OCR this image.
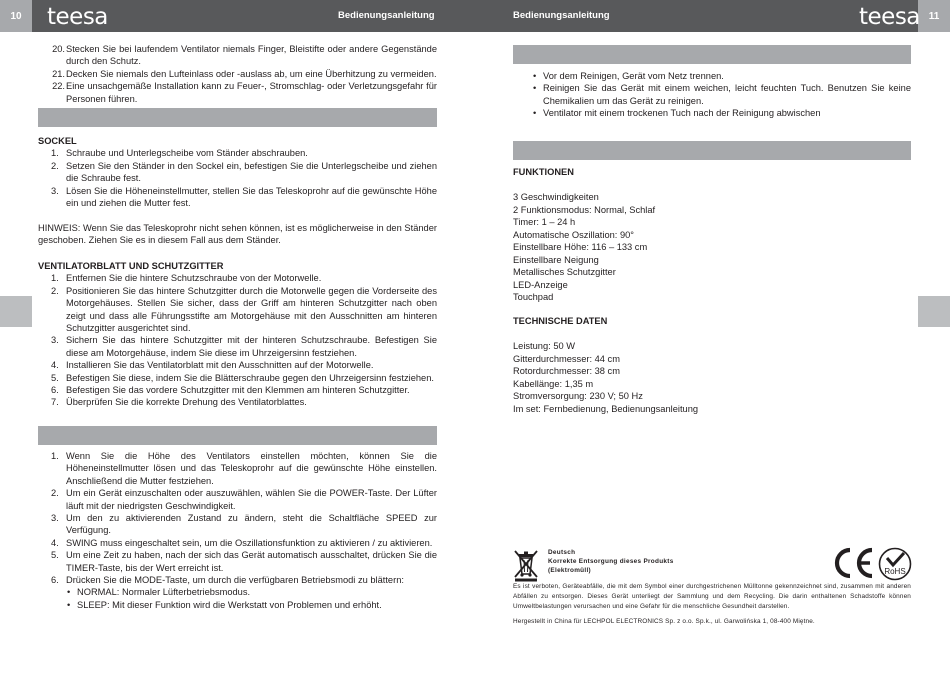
10	11
teesa	teesa
Bedienungsanleitung	Bedienungsanleitung
20. Stecken Sie bei laufendem Ventilator niemals Finger, Bleistifte oder andere Gegenstände durch den Schutz.
21. Decken Sie niemals den Lufteinlass oder -auslass ab, um eine Überhitzung zu vermeiden.
22. Eine unsachgemäße Installation kann zu Feuer-, Stromschlag- oder Verletzungsgefahr für Personen führen.
SOCKEL
1. Schraube und Unterlegscheibe vom Ständer abschrauben.
2. Setzen Sie den Ständer in den Sockel ein, befestigen Sie die Unterlegscheibe und ziehen die Schraube fest.
3. Lösen Sie die Höheneinstellmutter, stellen Sie das Teleskoprohr auf die gewünschte Höhe ein und ziehen die Mutter fest.

HINWEIS: Wenn Sie das Teleskoprohr nicht sehen können, ist es möglicherweise in den Ständer geschoben. Ziehen Sie es in diesem Fall aus dem Ständer.

VENTILATORBLATT UND SCHUTZGITTER
1. Entfernen Sie die hintere Schutzschraube von der Motorwelle.
2. Positionieren Sie das hintere Schutzgitter durch die Motorwelle gegen die Vorderseite des Motorgehäuses. Stellen Sie sicher, dass der Griff am hinteren Schutzgitter nach oben zeigt und dass alle Führungsstifte am Motorgehäuse mit den Ausschnitten am hinteren Schutzgitter ausgerichtet sind.
3. Sichern Sie das hintere Schutzgitter mit der hinteren Schutzschraube. Befestigen Sie diese am Motorgehäuse, indem Sie diese im Uhrzeigersinn festziehen.
4. Installieren Sie das Ventilatorblatt mit den Ausschnitten auf der Motorwelle.
5. Befestigen Sie diese, indem Sie die Blätterschraube gegen den Uhrzeigersinn festziehen.
6. Befestigen Sie das vordere Schutzgitter mit den Klemmen am hinteren Schutzgitter.
7. Überprüfen Sie die korrekte Drehung des Ventilatorblattes.
1. Wenn Sie die Höhe des Ventilators einstellen möchten, können Sie die Höheneinstellmutter lösen und das Teleskoprohr auf die gewünschte Höhe einstellen. Anschließend die Mutter festziehen.
2. Um ein Gerät einzuschalten oder auszuwählen, wählen Sie die POWER-Taste. Der Lüfter läuft mit der niedrigsten Geschwindigkeit.
3. Um den zu aktivierenden Zustand zu ändern, steht die Schaltfläche SPEED zur Verfügung.
4. SWING muss eingeschaltet sein, um die Oszillationsfunktion zu aktivieren / zu aktivieren.
5. Um eine Zeit zu haben, nach der sich das Gerät automatisch ausschaltet, drücken Sie die TIMER-Taste, bis der Wert erreicht ist.
6. Drücken Sie die MODE-Taste, um durch die verfügbaren Betriebsmodi zu blättern:
• NORMAL: Normaler Lüfterbetriebsmodus.
• SLEEP: Mit dieser Funktion wird die Werkstatt von Problemen und erhöht.
• Vor dem Reinigen, Gerät vom Netz trennen.
• Reinigen Sie das Gerät mit einem weichen, leicht feuchten Tuch. Benutzen Sie keine Chemikalien um das Gerät zu reinigen.
• Ventilator mit einem trockenen Tuch nach der Reinigung abwischen
FUNKTIONEN
3 Geschwindigkeiten
2 Funktionsmodus: Normal, Schlaf
Timer: 1 – 24 h
Automatische Oszillation: 90°
Einstellbare Höhe: 116 – 133 cm
Einstellbare Neigung
Metallisches Schutzgitter
LED-Anzeige
Touchpad
TECHNISCHE DATEN
Leistung: 50 W
Gitterdurchmesser: 44 cm
Rotordurchmesser: 38 cm
Kabellänge: 1,35 m
Stromversorgung: 230 V; 50 Hz
Im set: Fernbedienung, Bedienungsanleitung
Deutsch
Korrekte Entsorgung dieses Produkts
(Elektromüll)
Es ist verboten, Geräteabfälle, die mit dem Symbol einer durchgestrichenen Mülltonne gekennzeichnet sind, zusammen mit anderen Abfällen zu entsorgen. Dieses Gerät unterliegt der Sammlung und dem Recycling. Die darin enthaltenen Schadstoffe können Umweltbelastungen verursachen und eine Gefahr für die menschliche Gesundheit darstellen.
Hergestellt in China für LECHPOL ELECTRONICS Sp. z o.o. Sp.k., ul. Garwolińska 1, 08-400 Miętne.
RoHS
